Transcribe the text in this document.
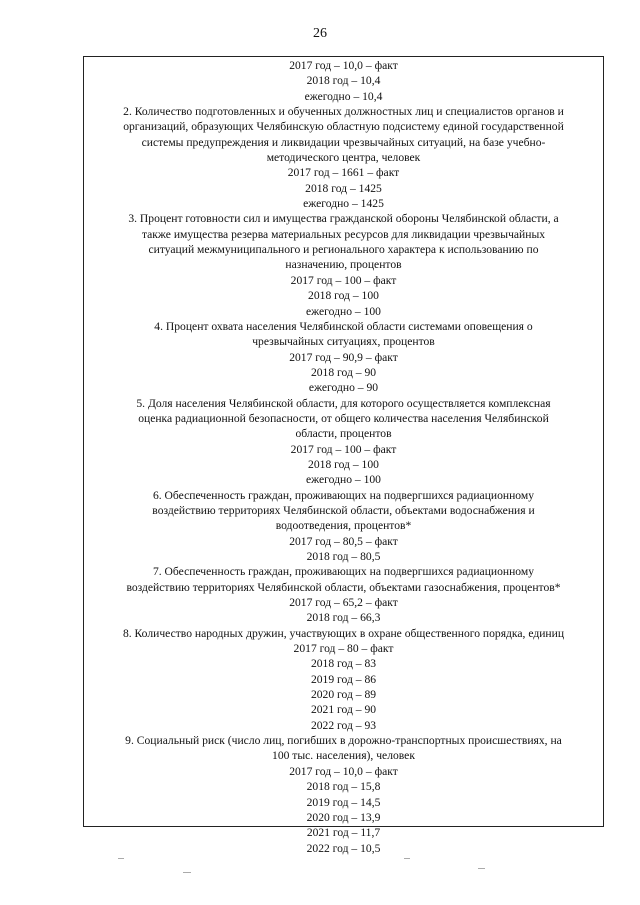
26
2017 год – 10,0 – факт
2018 год – 10,4
ежегодно – 10,4
2. Количество подготовленных и обученных должностных лиц и специалистов органов и
организаций, образующих Челябинскую областную подсистему единой государственной
системы предупреждения и ликвидации чрезвычайных ситуаций, на базе учебно-
методического центра, человек
2017 год – 1661 – факт
2018 год – 1425
ежегодно – 1425
3. Процент готовности сил и имущества гражданской обороны Челябинской области, а
также имущества резерва материальных ресурсов для ликвидации чрезвычайных
ситуаций межмуниципального и регионального характера к использованию по
назначению, процентов
2017 год – 100 – факт
2018 год – 100
ежегодно – 100
4. Процент охвата населения Челябинской области системами оповещения о
чрезвычайных ситуациях, процентов
2017 год – 90,9 – факт
2018 год – 90
ежегодно – 90
5. Доля населения Челябинской области, для которого осуществляется комплексная
оценка радиационной безопасности, от общего количества населения Челябинской
области, процентов
2017 год – 100 – факт
2018 год – 100
ежегодно – 100
6. Обеспеченность граждан, проживающих на подвергшихся радиационному
воздействию территориях Челябинской области, объектами водоснабжения и
водоотведения, процентов*
2017 год – 80,5 – факт
2018 год – 80,5
7. Обеспеченность граждан, проживающих на подвергшихся радиационному
воздействию территориях Челябинской области, объектами газоснабжения, процентов*
2017 год – 65,2 – факт
2018 год – 66,3
8. Количество народных дружин, участвующих в охране общественного порядка, единиц
2017 год – 80 – факт
2018 год – 83
2019 год – 86
2020 год – 89
2021 год – 90
2022 год – 93
9. Социальный риск (число лиц, погибших в дорожно-транспортных происшествиях, на
100 тыс. населения), человек
2017 год – 10,0 – факт
2018 год – 15,8
2019 год – 14,5
2020 год – 13,9
2021 год – 11,7
2022 год – 10,5
